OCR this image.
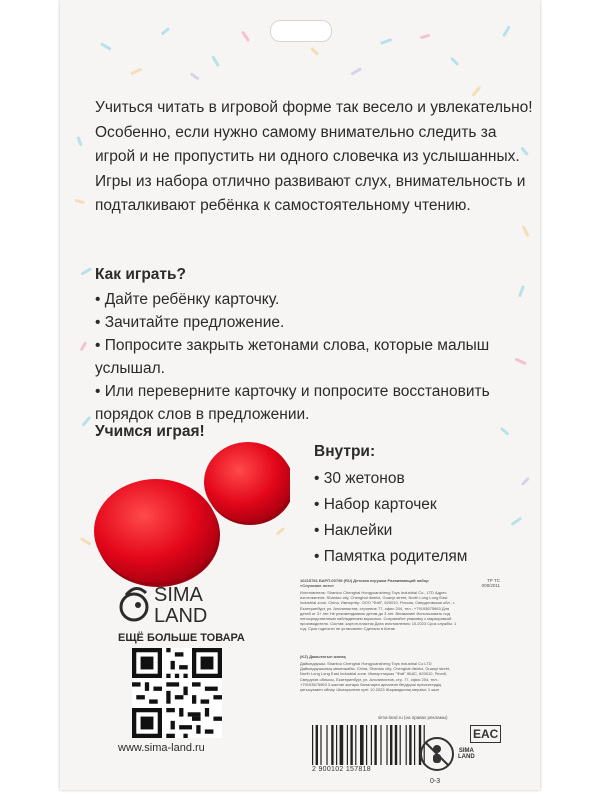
Учиться читать в игровой форме так весело и увлекательно! Особенно, если нужно самому внимательно следить за игрой и не пропустить ни одного словечка из услышанных.

Игры из набора отлично развивают слух, внимательность и подталкивают ребёнка к самостоятельному чтению.

Как играть?
• Дайте ребёнку карточку.
• Зачитайте предложение.
• Попросите закрыть жетонами слова, которые малыш услышал.
• Или переверните карточку и попросите восстановить порядок слов в предложении.
Учимся играя!
Внутри:
• 30 жетонов
• Набор карточек
• Наклейки
• Памятка родителям
SIMA
LAND
ЕЩЁ БОЛЬШЕ ТОВАРА
www.sima-land.ru

10215781 БАРП-00799 (RU) Детская игрушка Развивающий набор «Слуховое лото»

Изготовитель: Shantou Chenghai Hongyuansheng Toys Industrial Co., LTD Адрес изготовителя: Shantou city, Chenghai district, Guanyi street, North Long Long East Industrial zone, China. Импортёр: ООО "Фэй", 620010, Россия, Свердловская обл., г. Екатеринбург, ул. Альпинистов, строение 77, офис 204, тел.: +79193675963 Для детей от 3+ лет Не рекомендовано детям до 3 лет. Внимание! Использовать под непосредственным наблюдением взрослых. Сохраняйте упаковку с маркировкой производителя. Состав: картон,пластик Дата изготовления: 10.2023 Срок службы: 1 год. Срок годности не установлен Сделано в Китае

ТР ТС 008/2011

(KZ) Дамытатын жинақ

Дайындаушы: Shantou Chenghai Hongyuansheng Toys Industrial Co LTD Дайындаушының мекенжайы: China, Shantou city, Chenghai district, Guanyi street, North Long Long East Industrial zone. Импорттаушы "Фэй" ЖШС, 620010, Ресей, Свердлов облысы, Екатеринбург, ул. Альпинистов, стр. 77, офис 204, тел.: +79193675963 3 жастан жоғары балаларға арналған Өндіруші ересектердің қатысуымен ойнау. Шығарылған күні: 10.2023 Жарамдылық мерзімі: 1 жыл

sima-land.ru (на правах рекламы)
2 900102 157818
0-3
EAC
SIMA
LAND
